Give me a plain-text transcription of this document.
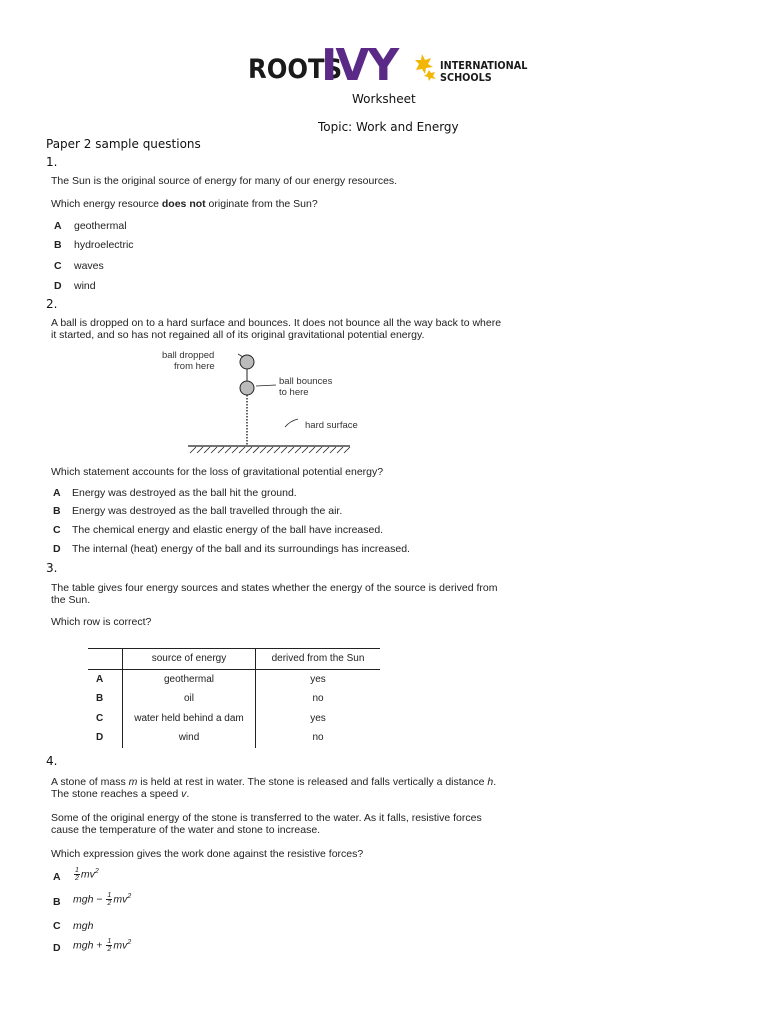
ROOTS
IVY	INTERNATIONAL
SCHOOLS
Worksheet
Topic: Work and Energy
Paper 2 sample questions
1.
The Sun is the original source of energy for many of our energy resources.
Which energy resource does not originate from the Sun?
A geothermal
B hydroelectric
C waves
D wind
2.
A ball is dropped on to a hard surface and bounces. It does not bounce all the way back to where
it started, and so has not regained all of its original gravitational potential energy.
ball dropped
from here
ball bounces
to here
hard surface
Which statement accounts for the loss of gravitational potential energy?
A Energy was destroyed as the ball hit the ground.
B Energy was destroyed as the ball travelled through the air.
C The chemical energy and elastic energy of the ball have increased.
D The internal (heat) energy of the ball and its surroundings has increased.
3.
The table gives four energy sources and states whether the energy of the source is derived from
the Sun.
Which row is correct?
	source of energy	derived from the Sun
A	geothermal	yes
B	oil	no
C	water held behind a dam	yes
D	wind	no
4.
A stone of mass m is held at rest in water. The stone is released and falls vertically a distance h.
The stone reaches a speed v.
Some of the original energy of the stone is transferred to the water. As it falls, resistive forces
cause the temperature of the water and stone to increase.
Which expression gives the work done against the resistive forces?
A $\frac{1}{2} mv^2$
B mgh − $\frac{1}{2} mv^2$
C mgh
D mgh + $\frac{1}{2} mv^2$
